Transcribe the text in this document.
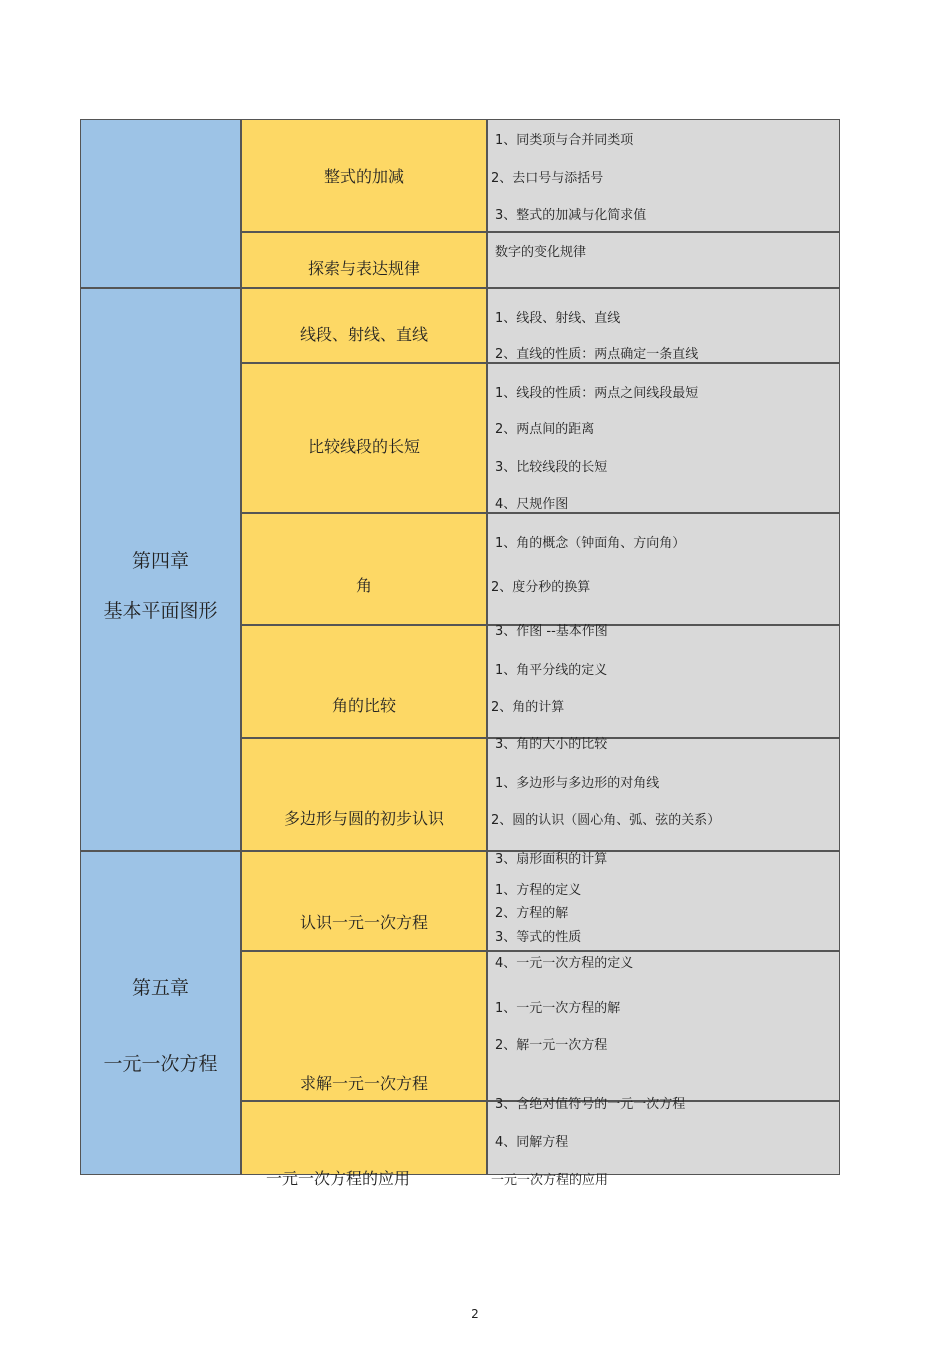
第四章
基本平面图形
第五章
一元一次方程
整式的加减
探索与表达规律
线段、射线、直线
比较线段的长短
角
角的比较
多边形与圆的初步认识
认识一元一次方程
求解一元一次方程
一元一次方程的应用
1、同类项与合并同类项
2、去口号与添括号
3、整式的加减与化简求值
数字的变化规律
1、线段、射线、直线
2、直线的性质：两点确定一条直线
1、线段的性质：两点之间线段最短
2、两点间的距离
3、比较线段的长短
4、尺规作图
1、角的概念（钟面角、方向角）
2、度分秒的换算
3、作图 --基本作图
1、角平分线的定义
2、角的计算
3、角的大小的比较
1、多边形与多边形的对角线
2、圆的认识（圆心角、弧、弦的关系）
3、扇形面积的计算
1、方程的定义
2、方程的解
3、等式的性质
4、一元一次方程的定义
1、一元一次方程的解
2、解一元一次方程
3、含绝对值符号的一元一次方程
4、同解方程
一元一次方程的应用
2
